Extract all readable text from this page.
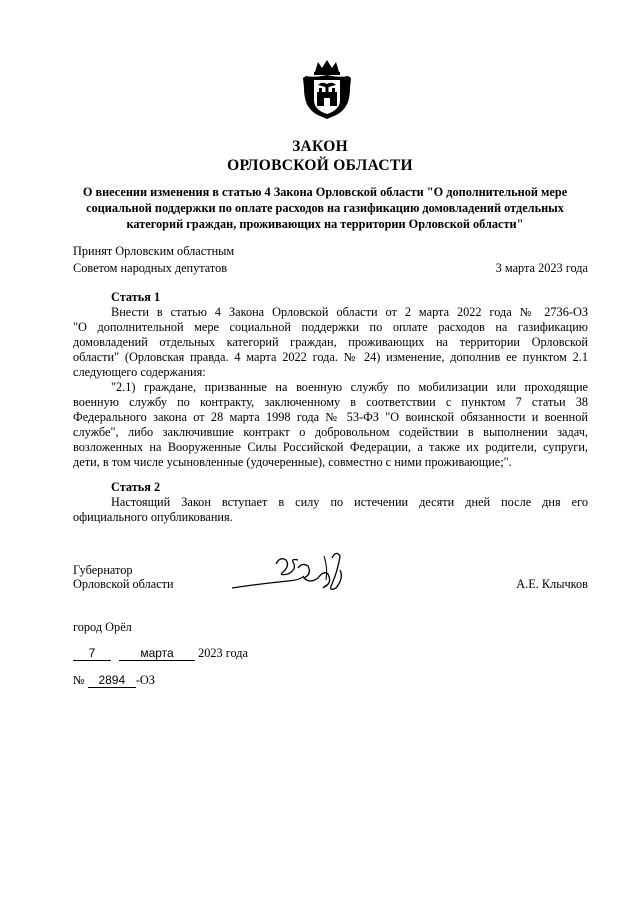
ЗАКОН
ОРЛОВСКОЙ ОБЛАСТИ
О внесении изменения в статью 4 Закона Орловской области "О дополнительной мере
социальной поддержки по оплате расходов на газификацию домовладений отдельных
категорий граждан, проживающих на территории Орловской области"
Принят Орловским областным
Советом народных депутатов	3 марта 2023 года
Статья 1
Внести в статью 4 Закона Орловской области от 2 марта 2022 года № 2736-ОЗ
"О дополнительной мере социальной поддержки по оплате расходов на газификацию
домовладений отдельных категорий граждан, проживающих на территории Орловской
области" (Орловская правда. 4 марта 2022 года. № 24) изменение, дополнив ее пунктом 2.1
следующего содержания:
"2.1) граждане, призванные на военную службу по мобилизации или проходящие
военную службу по контракту, заключенному в соответствии с пунктом 7 статьи 38
Федерального закона от 28 марта 1998 года № 53-ФЗ "О воинской обязанности и военной
службе", либо заключившие контракт о добровольном содействии в выполнении задач,
возложенных на Вооруженные Силы Российской Федерации, а также их родители, супруги,
дети, в том числе усыновленные (удочеренные), совместно с ними проживающие;".
Статья 2
Настоящий Закон вступает в силу по истечении десяти дней после дня его
официального опубликования.
Губернатор
Орловской области	А.Е. Клычков
город Орёл
7	марта 2023 года
№ 2894 -ОЗ
